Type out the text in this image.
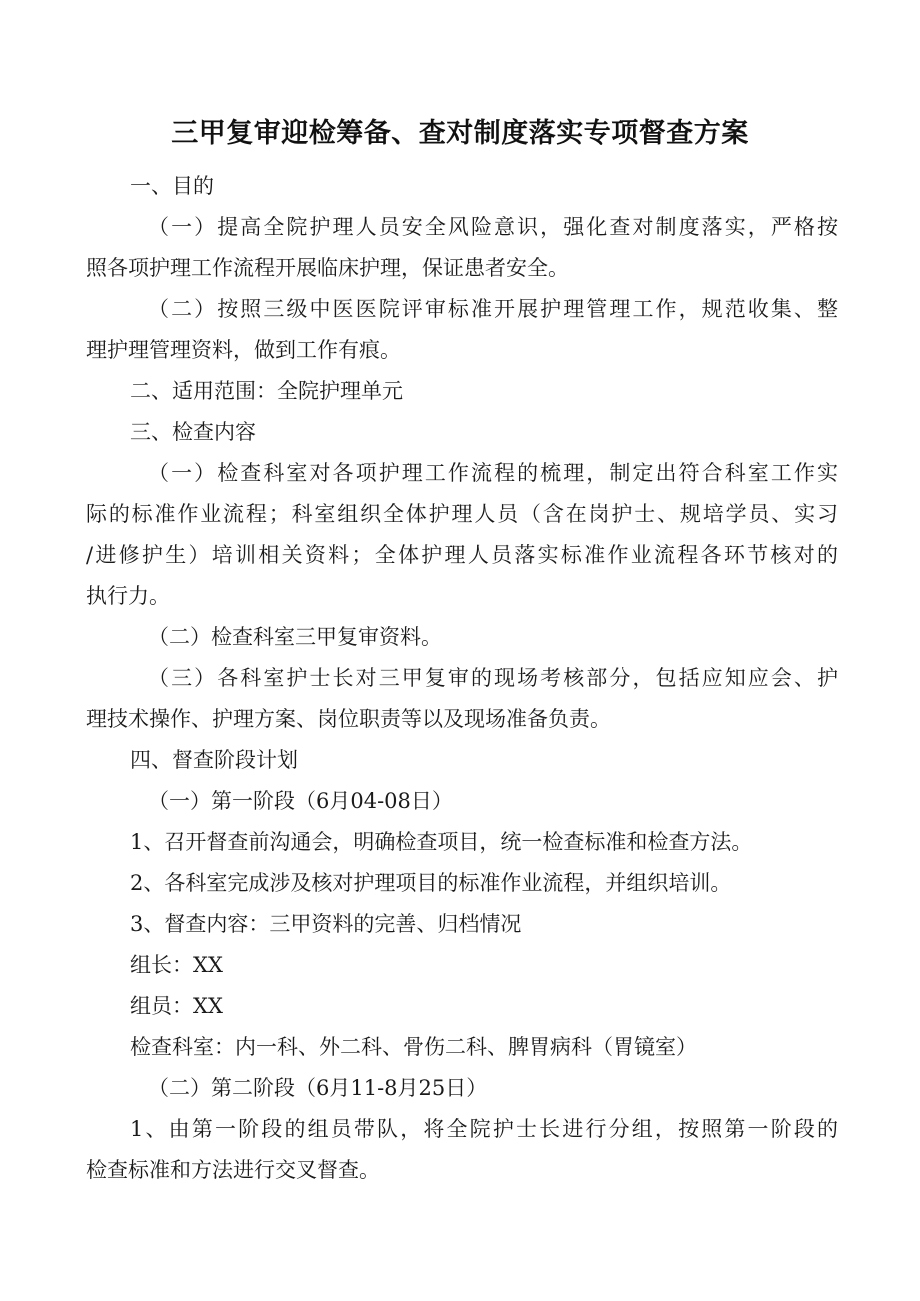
三甲复审迎检筹备、查对制度落实专项督查方案
一、目的
（一）提高全院护理人员安全风险意识，强化查对制度落实，严格按
照各项护理工作流程开展临床护理，保证患者安全。
（二）按照三级中医医院评审标准开展护理管理工作，规范收集、整
理护理管理资料，做到工作有痕。
二、适用范围：全院护理单元
三、检查内容
（一）检查科室对各项护理工作流程的梳理，制定出符合科室工作实
际的标准作业流程；科室组织全体护理人员（含在岗护士、规培学员、实习
/进修护生）培训相关资料；全体护理人员落实标准作业流程各环节核对的
执行力。
（二）检查科室三甲复审资料。
（三）各科室护士长对三甲复审的现场考核部分，包括应知应会、护
理技术操作、护理方案、岗位职责等以及现场准备负责。
四、督查阶段计划
（一）第一阶段（6月04-08日）
1、召开督查前沟通会，明确检查项目，统一检查标准和检查方法。
2、各科室完成涉及核对护理项目的标准作业流程，并组织培训。
3、督查内容：三甲资料的完善、归档情况
组长：XX
组员：XX
检查科室：内一科、外二科、骨伤二科、脾胃病科（胃镜室）
（二）第二阶段（6月11-8月25日）
1、由第一阶段的组员带队，将全院护士长进行分组，按照第一阶段的
检查标准和方法进行交叉督查。
